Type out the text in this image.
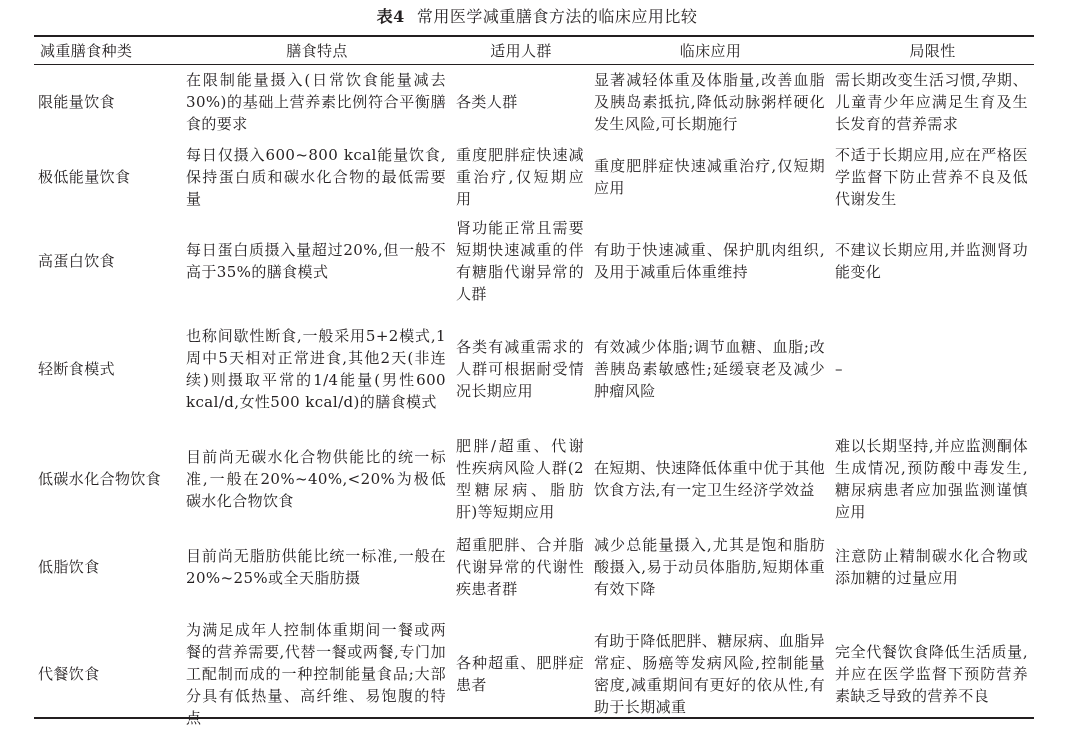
表4 常用医学减重膳食方法的临床应用比较
减重膳食种类	膳食特点	适用人群	临床应用	局限性
限能量饮食	在限制能量摄入(日常饮食能量减去30%)的基础上营养素比例符合平衡膳食的要求	各类人群	显著减轻体重及体脂量,改善血脂及胰岛素抵抗,降低动脉粥样硬化发生风险,可长期施行	需长期改变生活习惯,孕期、儿童青少年应满足生育及生长发育的营养需求
极低能量饮食	每日仅摄入600~800 kcal能量饮食,保持蛋白质和碳水化合物的最低需要量	重度肥胖症快速减重治疗,仅短期应用	重度肥胖症快速减重治疗,仅短期应用	不适于长期应用,应在严格医学监督下防止营养不良及低代谢发生
高蛋白饮食	每日蛋白质摄入量超过20%,但一般不高于35%的膳食模式	肾功能正常且需要短期快速减重的伴有糖脂代谢异常的人群	有助于快速减重、保护肌肉组织,及用于减重后体重维持	不建议长期应用,并监测肾功能变化
轻断食模式	也称间歇性断食,一般采用5+2模式,1周中5天相对正常进食,其他2天(非连续)则摄取平常的1/4能量(男性600 kcal/d,女性500 kcal/d)的膳食模式	各类有减重需求的人群可根据耐受情况长期应用	有效减少体脂;调节血糖、血脂;改善胰岛素敏感性;延缓衰老及减少肿瘤风险	–
低碳水化合物饮食	目前尚无碳水化合物供能比的统一标准,一般在20%~40%,<20%为极低碳水化合物饮食	肥胖/超重、代谢性疾病风险人群(2型糖尿病、脂肪肝)等短期应用	在短期、快速降低体重中优于其他饮食方法,有一定卫生经济学效益	难以长期坚持,并应监测酮体生成情况,预防酸中毒发生,糖尿病患者应加强监测谨慎应用
低脂饮食	目前尚无脂肪供能比统一标准,一般在20%~25%或全天脂肪摄	超重肥胖、合并脂代谢异常的代谢性疾患者群	减少总能量摄入,尤其是饱和脂肪酸摄入,易于动员体脂肪,短期体重有效下降	注意防止精制碳水化合物或添加糖的过量应用
代餐饮食	为满足成年人控制体重期间一餐或两餐的营养需要,代替一餐或两餐,专门加工配制而成的一种控制能量食品;大部分具有低热量、高纤维、易饱腹的特点	各种超重、肥胖症患者	有助于降低肥胖、糖尿病、血脂异常症、肠癌等发病风险,控制能量密度,减重期间有更好的依从性,有助于长期减重	完全代餐饮食降低生活质量,并应在医学监督下预防营养素缺乏导致的营养不良
